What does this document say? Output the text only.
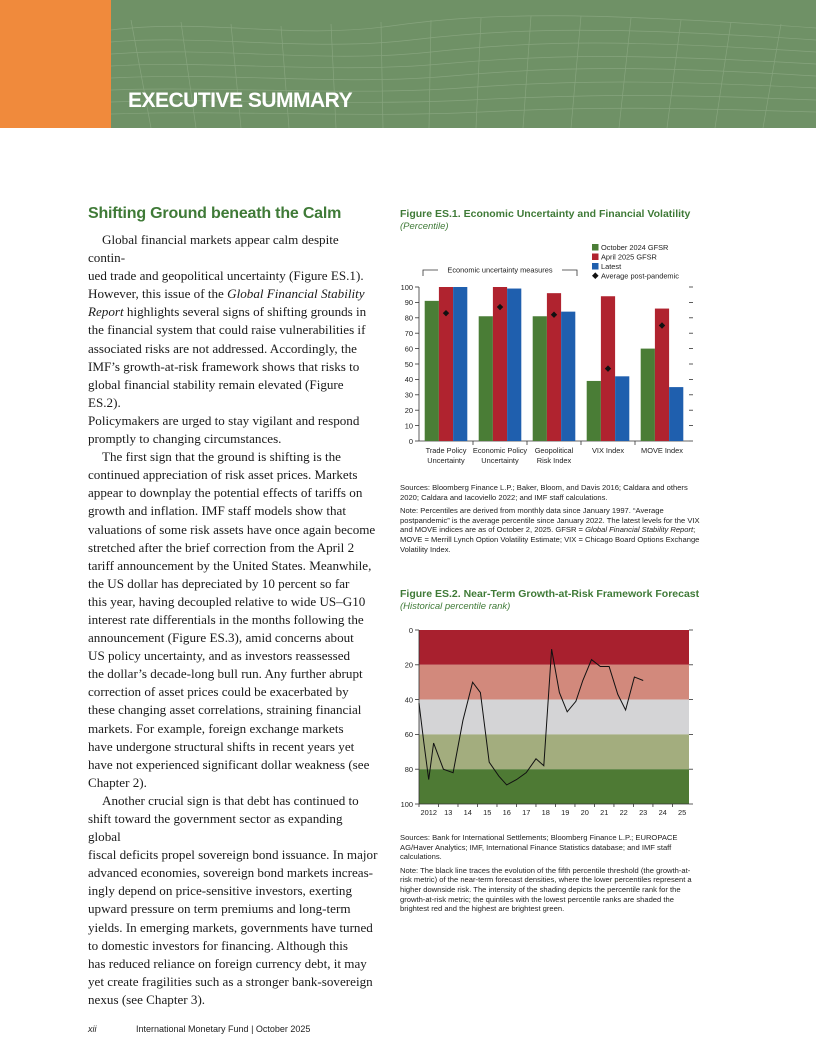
EXECUTIVE SUMMARY
Shifting Ground beneath the Calm

Global financial markets appear calm despite contin-

ued trade and geopolitical uncertainty (Figure ES.1).

However, this issue of the Global Financial Stability

Report highlights several signs of shifting grounds in

the financial system that could raise vulnerabilities if

associated risks are not addressed. Accordingly, the

IMF’s growth-at-risk framework shows that risks to

global financial stability remain elevated (Figure ES.2).

Policymakers are urged to stay vigilant and respond

promptly to changing circumstances.

The first sign that the ground is shifting is the

continued appreciation of risk asset prices. Markets

appear to downplay the potential effects of tariffs on

growth and inflation. IMF staff models show that

valuations of some risk assets have once again become

stretched after the brief correction from the April 2

tariff announcement by the United States. Meanwhile,

the US dollar has depreciated by 10 percent so far

this year, having decoupled relative to wide US–G10

interest rate differentials in the months following the

announcement (Figure ES.3), amid concerns about

US policy uncertainty, and as investors reassessed

the dollar’s decade-long bull run. Any further abrupt

correction of asset prices could be exacerbated by

these changing asset correlations, straining financial

markets. For example, foreign exchange markets

have undergone structural shifts in recent years yet

have not experienced significant dollar weakness (see

Chapter 2).

Another crucial sign is that debt has continued to

shift toward the government sector as expanding global

fiscal deficits propel sovereign bond issuance. In major

advanced economies, sovereign bond markets increas-

ingly depend on price-sensitive investors, exerting

upward pressure on term premiums and long-term

yields. In emerging markets, governments have turned

to domestic investors for financing. Although this

has reduced reliance on foreign currency debt, it may

yet create fragilities such as a stronger bank-sovereign

nexus (see Chapter 3).

Figure ES.1. Economic Uncertainty and Financial Volatility
(Percentile)
0
10
20
30
40
50
60
70
80
90
100
Trade Policy
Uncertainty
Economic Policy
Uncertainty
Geopolitical
Risk Index
VIX Index MOVE Index
Economic uncertainty measures
October 2024 GFSR
April 2025 GFSR
Latest
Average post-pandemic

Sources: Bloomberg Finance L.P.; Baker, Bloom, and Davis 2016; Caldara and others 2020; Caldara and Iacoviello 2022; and IMF staff calculations.

Note: Percentiles are derived from monthly data since January 1997. “Average postpandemic” is the average percentile since January 2022. The latest levels for the VIX and MOVE indices are as of October 2, 2025. GFSR = Global Financial Stability Report; MOVE = Merrill Lynch Option Volatility Estimate; VIX = Chicago Board Options Exchange Volatility Index.

Figure ES.2. Near-Term Growth-at-Risk Framework Forecast
(Historical percentile rank)
0
20
40
60
80
100
2012 13 14 15 16 17 18 19 20 21 22 23 24 25

Sources: Bank for International Settlements; Bloomberg Finance L.P.; EUROPACE AG/Haver Analytics; IMF, International Finance Statistics database; and IMF staff calculations.

Note: The black line traces the evolution of the fifth percentile threshold (the growth-at-risk metric) of the near-term forecast densities, where the lower percentiles represent a higher downside risk. The intensity of the shading depicts the percentile rank for the growth-at-risk metric; the quintiles with the lowest percentile ranks are shaded the brightest red and the highest are brightest green.

xii	International Monetary Fund | October 2025
